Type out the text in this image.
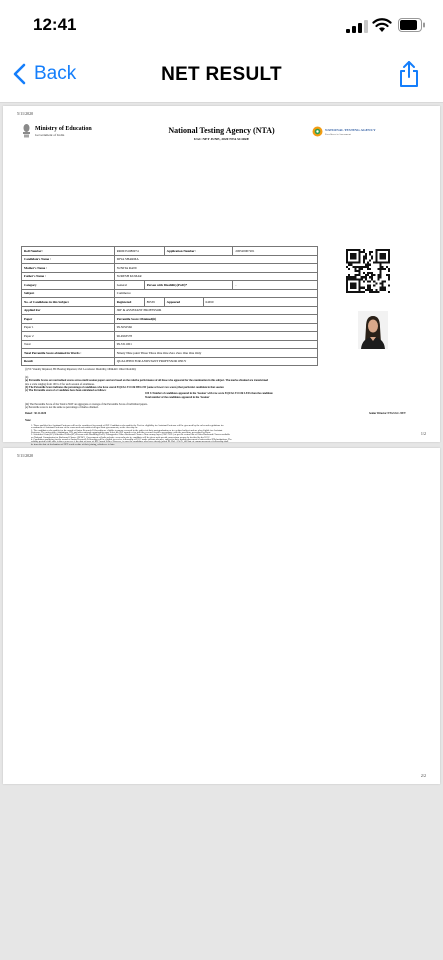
12:41
Back	NET RESULT
5/11/2020
Ministry of Education
Government of India	National Testing Agency (NTA)
UGC NET JUNE, 2020 NTA SCORE
NATIONAL TESTING AGENCY
Excellence in Assessment
Roll Number:	RR06331086974		Application Number:		200520007201
Candidate's Name :	DIYA SHARMA				
Mother's Name :	SUNITA RANI				
Father's Name :	SURESH KUMAR				
Category	General	Person with Disability(PwD)*			-
Subject	Commerce				
No. of Candidates in this Subject	Registered	89539	Appeared	64650	
Applied For	JRF & ASSISTANT PROFESSOR				
Paper	Percentile Score Obtained(ii)				
Paper 1	99.5652566				
Paper 2	96.4963578				
Total	99.3311001				
Total Percentile Score obtained in Words :	Ninety Nine point Three Three One One Zero Zero One One Only				
Result	QUALIFIED FOR ASSISTANT PROFESSOR ONLY				
(i) VI: Visually Impaired, HI: Hearing Impaired, LM: Locomotor Disability, OD&AD: Other Disability
(ii)
(a) Percentile Scores are normalised scores across multi session papers and are based on the relative performance of all those who appeared for the examination in this subject. The marks obtained are transformed
into a scale ranging from 100 to 0 for each session of examinees.
(b) The Percentile Score indicates the percentage of candidates who have scored EQUAL TO OR BELOW (same or lower raw scores) that particular candidate in that session
(c) The Percentile score of a Candidate have been calculated as follows:
100 X Number of candidates appeared in the 'Session' with raw score EQUAL TO OR LESS than the candidate
Total number of the candidates appeared in the 'Session'
(iii) The Percentile Score of the Total is NOT an aggregate or average of the Percentile Score of individual papers.
(e) Percentile score is not the same as percentage of marks obtained.
Dated : 30.11.2020	Senior Director NTA UGC-NET
Note:
1. Those qualified for Assistant Professor will not be considered for award of JRF. Candidates who qualify the Test for eligibility for Assistant Professor will be governed by the rules and regulations for
recruitment of Assistant Professor of the concerned universities/colleges/State governments, as the case may be.
2. The candidates who qualify for the award of Junior Research Fellowship are eligible to pursue research in the subject of their post-graduation or in a related subject and are also eligible for Assistant
Professor. The universities, institutions, IITs and other national organizations may select the JRF awardees for full time research work in accordance with the procedure prescribed by them.
3. Scheduled Caste(SC)/Scheduled Tribes(ST)/Persons with Disability(PwD)/ Transgender /Other Backward Classes -Non creamy layer (OBC-NCL) as per the central list of Other Backward Classes available
on National Commission for Backward Classes (NCBC), Government of India website: www.ncbc.nic.in, candidate will be given such special concessions as may be decided by the UGC.
4. Candidates qualifying for the award of Junior Research Fellowship will be eligible to receive fellowship of UGC under various schemes, subject to their finding placement in universities/IITs/institutions. The
validity period of the offer is three years w.e.f. the date of issue of JRF Award Letter. However, in case the candidates who have already joined M. Phil. / Ph.D., the date of commencement of fellowship shall
be from the date of declaration of NET result or date of their joining, whichever is later.
1/2
5/11/2020
2/2
